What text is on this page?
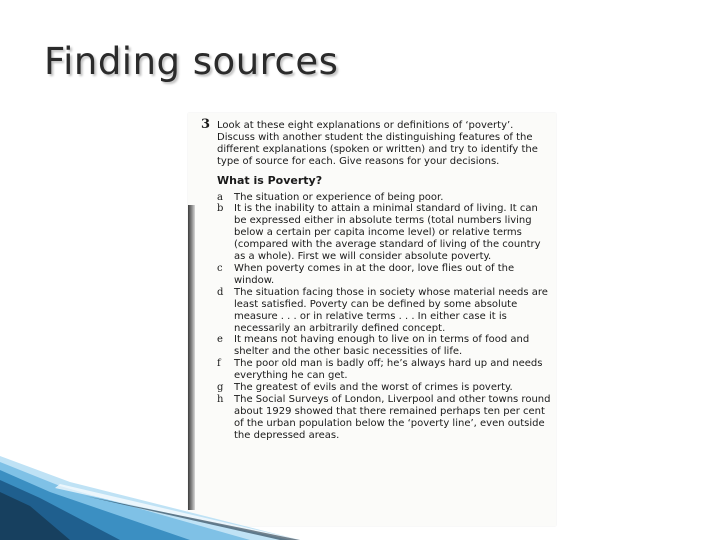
Finding sources
3 Look at these eight explanations or definitions of ‘poverty’. Discuss with another student the distinguishing features of the different explanations (spoken or written) and try to identify the type of source for each. Give reasons for your decisions.
What is Poverty?
a The situation or experience of being poor.
b It is the inability to attain a minimal standard of living. It can be expressed either in absolute terms (total numbers living below a certain per capita income level) or relative terms (compared with the average standard of living of the country as a whole). First we will consider absolute poverty.
c When poverty comes in at the door, love flies out of the window.
d The situation facing those in society whose material needs are least satisfied. Poverty can be defined by some absolute measure . . . or in relative terms . . . In either case it is necessarily an arbitrarily defined concept.
e It means not having enough to live on in terms of food and shelter and the other basic necessities of life.
f The poor old man is badly off; he’s always hard up and needs everything he can get.
g The greatest of evils and the worst of crimes is poverty.
h The Social Surveys of London, Liverpool and other towns round about 1929 showed that there remained perhaps ten per cent of the urban population below the ‘poverty line’, even outside the depressed areas.
